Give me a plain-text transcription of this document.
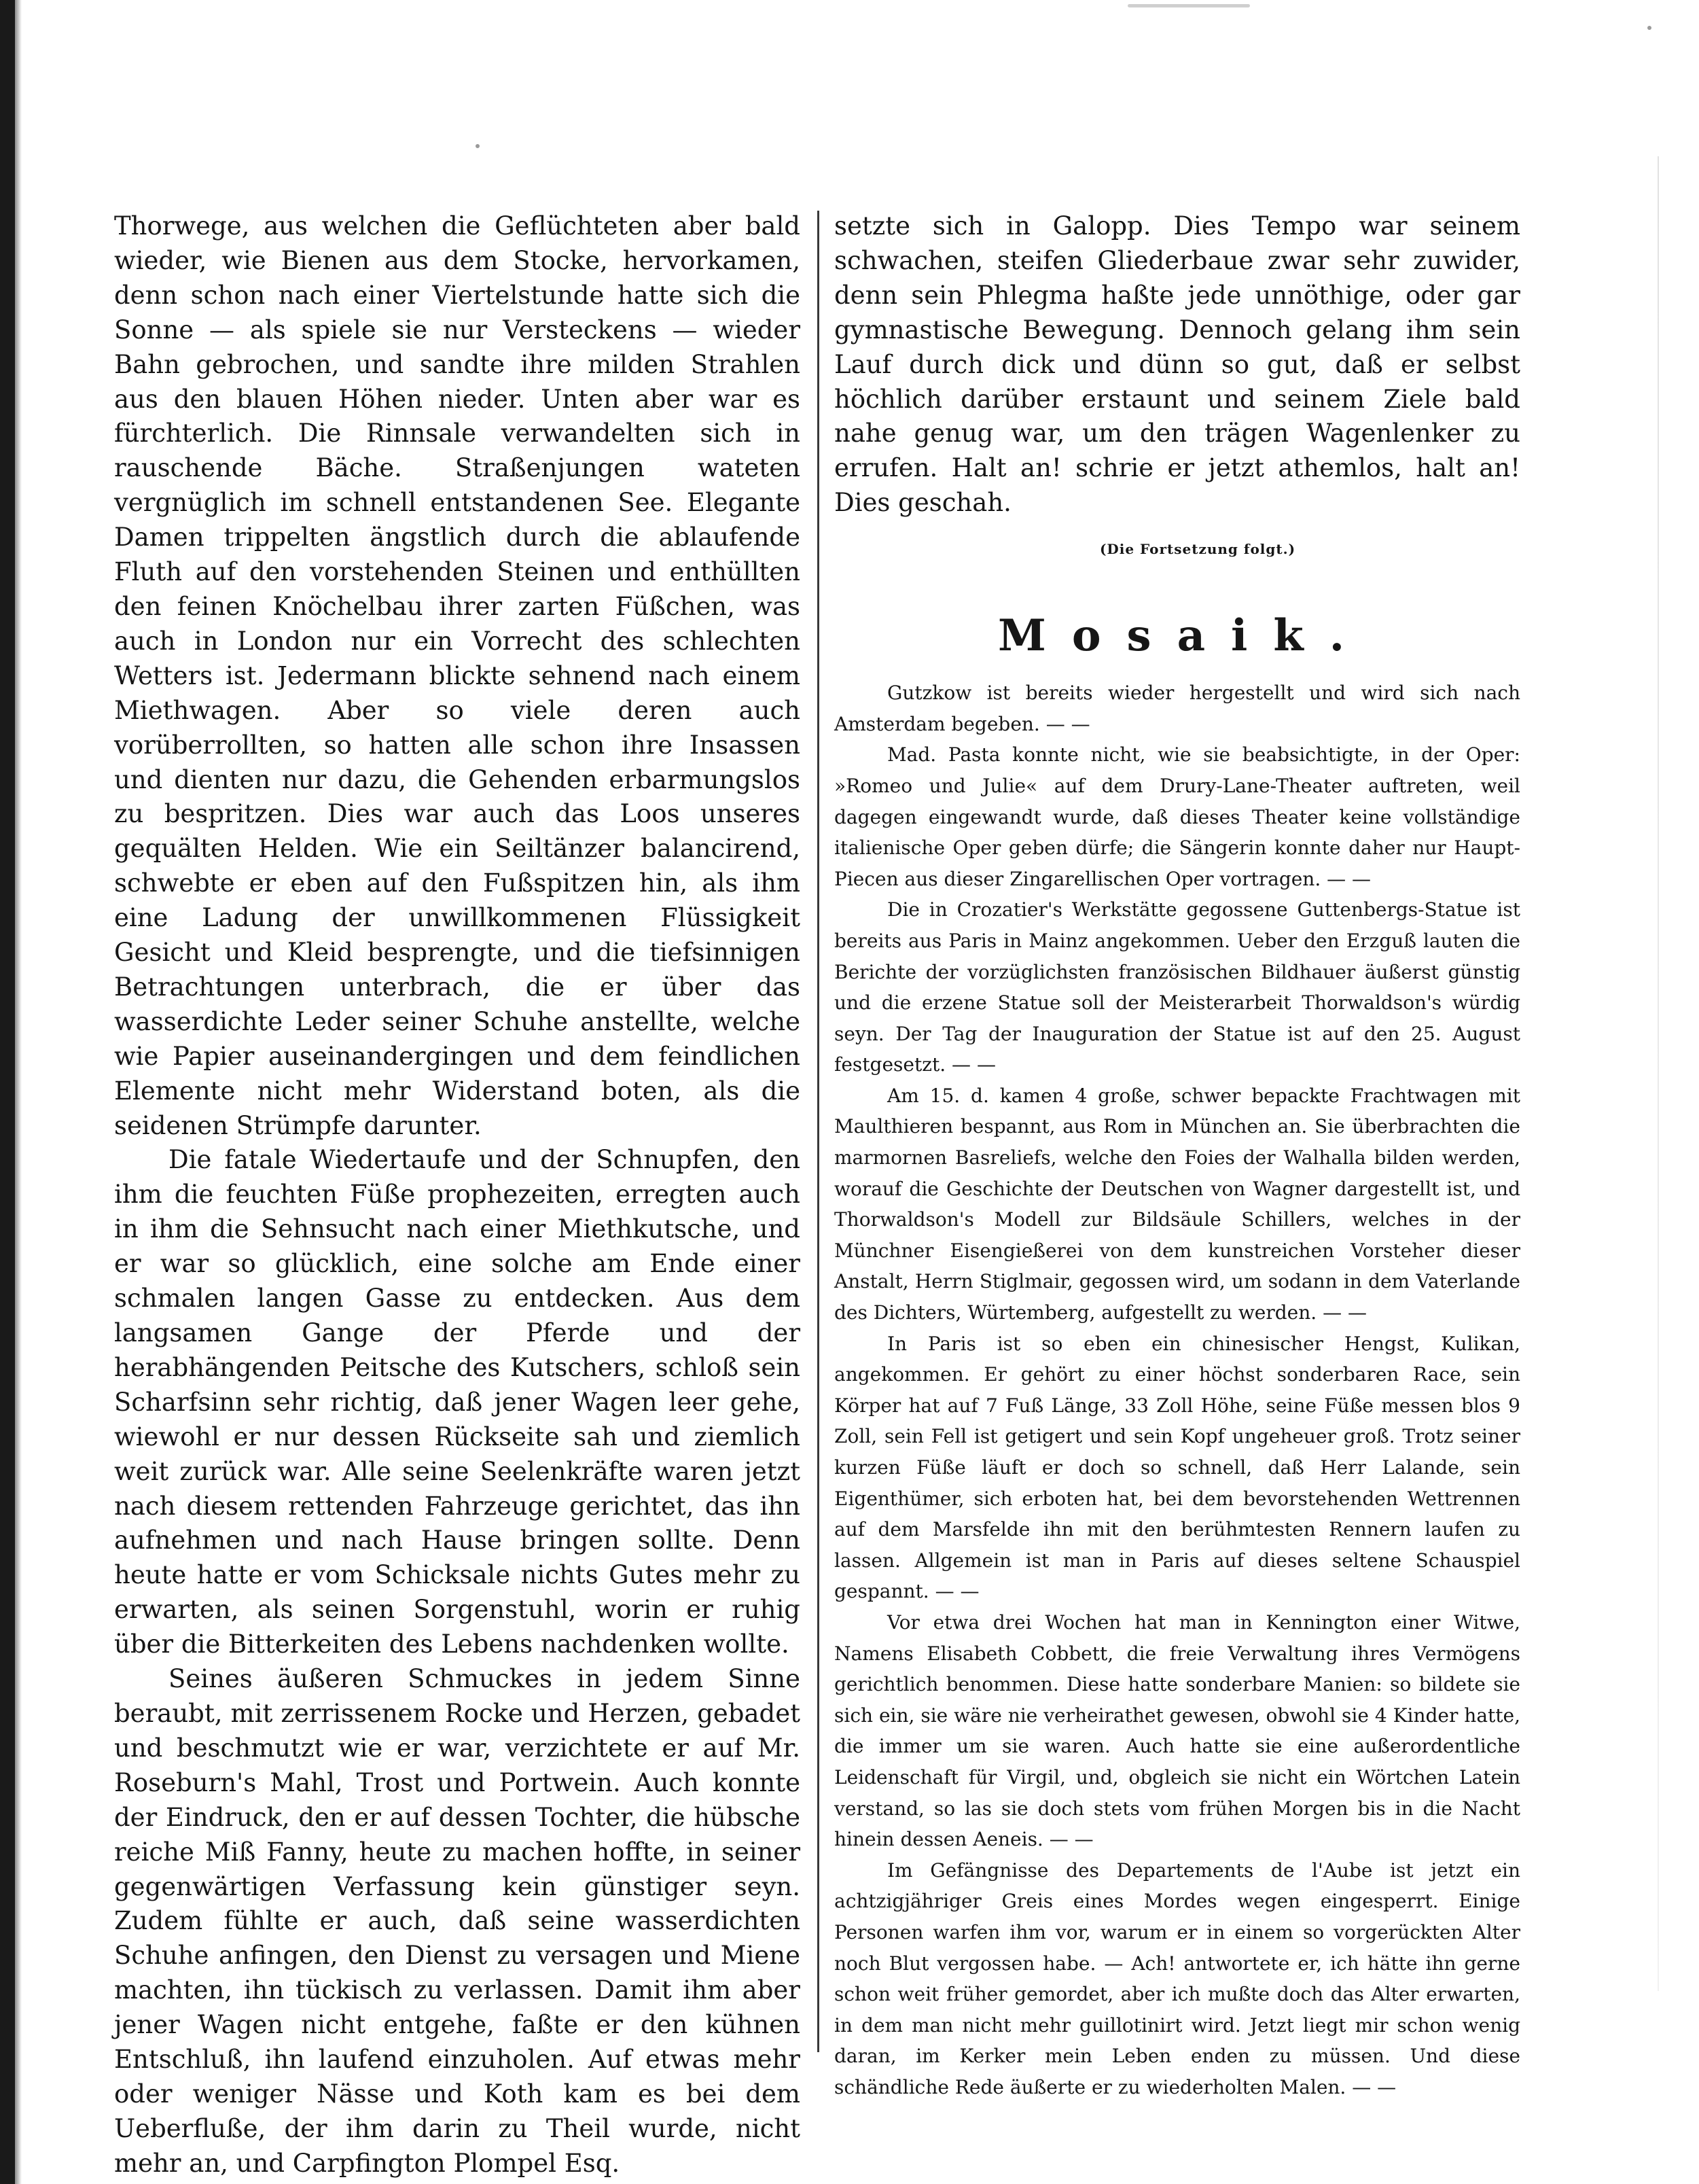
Thorwege, aus welchen die Geflüchteten aber bald wieder, wie Bienen aus dem Stocke, hervorkamen, denn schon nach einer Viertelstunde hatte sich die Sonne — als spiele sie nur Versteckens — wieder Bahn gebrochen, und sandte ihre milden Strahlen aus den blauen Höhen nieder. Unten aber war es fürchterlich. Die Rinnsale verwandelten sich in rauschende Bäche. Straßenjungen wateten vergnüglich im schnell entstandenen See. Elegante Damen trippelten ängstlich durch die ablaufende Fluth auf den vorstehenden Steinen und enthüllten den feinen Knöchelbau ihrer zarten Füßchen, was auch in London nur ein Vorrecht des schlechten Wetters ist. Jedermann blickte sehnend nach einem Miethwagen. Aber so viele deren auch vorüberrollten, so hatten alle schon ihre Insassen und dienten nur dazu, die Gehenden erbarmungslos zu bespritzen. Dies war auch das Loos unseres gequälten Helden. Wie ein Seiltänzer balancirend, schwebte er eben auf den Fußspitzen hin, als ihm eine Ladung der unwillkommenen Flüssigkeit Gesicht und Kleid besprengte, und die tiefsinnigen Betrachtungen unterbrach, die er über das wasserdichte Leder seiner Schuhe anstellte, welche wie Papier auseinandergingen und dem feindlichen Elemente nicht mehr Widerstand boten, als die seidenen Strümpfe darunter.

Die fatale Wiedertaufe und der Schnupfen, den ihm die feuchten Füße prophezeiten, erregten auch in ihm die Sehnsucht nach einer Miethkutsche, und er war so glücklich, eine solche am Ende einer schmalen langen Gasse zu entdecken. Aus dem langsamen Gange der Pferde und der herabhängenden Peitsche des Kutschers, schloß sein Scharfsinn sehr richtig, daß jener Wagen leer gehe, wiewohl er nur dessen Rückseite sah und ziemlich weit zurück war. Alle seine Seelenkräfte waren jetzt nach diesem rettenden Fahrzeuge gerichtet, das ihn aufnehmen und nach Hause bringen sollte. Denn heute hatte er vom Schicksale nichts Gutes mehr zu erwarten, als seinen Sorgenstuhl, worin er ruhig über die Bitterkeiten des Lebens nachdenken wollte.

Seines äußeren Schmuckes in jedem Sinne beraubt, mit zerrissenem Rocke und Herzen, gebadet und beschmutzt wie er war, verzichtete er auf Mr. Roseburn's Mahl, Trost und Portwein. Auch konnte der Eindruck, den er auf dessen Tochter, die hübsche reiche Miß Fanny, heute zu machen hoffte, in seiner gegenwärtigen Verfassung kein günstiger seyn. Zudem fühlte er auch, daß seine wasserdichten Schuhe anfingen, den Dienst zu versagen und Miene machten, ihn tückisch zu verlassen. Damit ihm aber jener Wagen nicht entgehe, faßte er den kühnen Entschluß, ihn laufend einzuholen. Auf etwas mehr oder weniger Nässe und Koth kam es bei dem Ueberfluße, der ihm darin zu Theil wurde, nicht mehr an, und Carpfington Plompel Esq.

setzte sich in Galopp. Dies Tempo war seinem schwachen, steifen Gliederbaue zwar sehr zuwider, denn sein Phlegma haßte jede unnöthige, oder gar gymnastische Bewegung. Dennoch gelang ihm sein Lauf durch dick und dünn so gut, daß er selbst höchlich darüber erstaunt und seinem Ziele bald nahe genug war, um den trägen Wagenlenker zu errufen. Halt an! schrie er jetzt athemlos, halt an! Dies geschah.

(Die Fortsetzung folgt.)
Mosaik.

Gutzkow ist bereits wieder hergestellt und wird sich nach Amsterdam begeben. — —

Mad. Pasta konnte nicht, wie sie beabsichtigte, in der Oper: »Romeo und Julie« auf dem Drury-Lane-Theater auftreten, weil dagegen eingewandt wurde, daß dieses Theater keine vollständige italienische Oper geben dürfe; die Sängerin konnte daher nur Haupt-Piecen aus dieser Zingarellischen Oper vortragen. — —

Die in Crozatier's Werkstätte gegossene Guttenbergs-Statue ist bereits aus Paris in Mainz angekommen. Ueber den Erzguß lauten die Berichte der vorzüglichsten französischen Bildhauer äußerst günstig und die erzene Statue soll der Meisterarbeit Thorwaldson's würdig seyn. Der Tag der Inauguration der Statue ist auf den 25. August festgesetzt. — —

Am 15. d. kamen 4 große, schwer bepackte Frachtwagen mit Maulthieren bespannt, aus Rom in München an. Sie überbrachten die marmornen Basreliefs, welche den Foies der Walhalla bilden werden, worauf die Geschichte der Deutschen von Wagner dargestellt ist, und Thorwaldson's Modell zur Bildsäule Schillers, welches in der Münchner Eisengießerei von dem kunstreichen Vorsteher dieser Anstalt, Herrn Stiglmair, gegossen wird, um sodann in dem Vaterlande des Dichters, Würtemberg, aufgestellt zu werden. — —

In Paris ist so eben ein chinesischer Hengst, Kulikan, angekommen. Er gehört zu einer höchst sonderbaren Race, sein Körper hat auf 7 Fuß Länge, 33 Zoll Höhe, seine Füße messen blos 9 Zoll, sein Fell ist getigert und sein Kopf ungeheuer groß. Trotz seiner kurzen Füße läuft er doch so schnell, daß Herr Lalande, sein Eigenthümer, sich erboten hat, bei dem bevorstehenden Wettrennen auf dem Marsfelde ihn mit den berühmtesten Rennern laufen zu lassen. Allgemein ist man in Paris auf dieses seltene Schauspiel gespannt. — —

Vor etwa drei Wochen hat man in Kennington einer Witwe, Namens Elisabeth Cobbett, die freie Verwaltung ihres Vermögens gerichtlich benommen. Diese hatte sonderbare Manien: so bildete sie sich ein, sie wäre nie verheirathet gewesen, obwohl sie 4 Kinder hatte, die immer um sie waren. Auch hatte sie eine außerordentliche Leidenschaft für Virgil, und, obgleich sie nicht ein Wörtchen Latein verstand, so las sie doch stets vom frühen Morgen bis in die Nacht hinein dessen Aeneis. — —

Im Gefängnisse des Departements de l'Aube ist jetzt ein achtzigjähriger Greis eines Mordes wegen eingesperrt. Einige Personen warfen ihm vor, warum er in einem so vorgerückten Alter noch Blut vergossen habe. — Ach! antwortete er, ich hätte ihn gerne schon weit früher gemordet, aber ich mußte doch das Alter erwarten, in dem man nicht mehr guillotinirt wird. Jetzt liegt mir schon wenig daran, im Kerker mein Leben enden zu müssen. Und diese schändliche Rede äußerte er zu wiederholten Malen. — —
